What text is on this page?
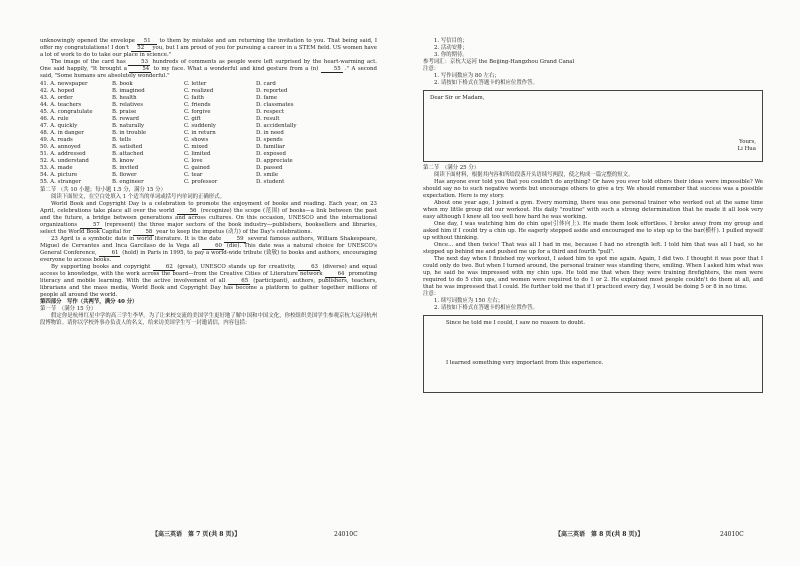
unknowingly opened the envelope 51 to them by mistake and am returning the invitation to you. That being said, I offer my congratulations! I don't 52 you, but I am proud of you for pursuing a career in a STEM field. US women have a lot of work to do to take our place in science."

The image of the card has	53 hundreds of comments as people were left surprised by the heart-warming act. One said happily, "It brought a	54 to my face. What a wonderful and kind gesture from a (n)	55 ." A second said, "Some humans are absolutely wonderful."

41. A. newspaper	B. book	C. letter	D. card
42. A. hoped	B. imagined	C. realized	D. reported
43. A. order	B. health	C. faith	D. fame
44. A. teachers	B. relatives	C. friends	D. classmates
45. A. congratulate	B. praise	C. forgive	D. respect
46. A. rule	B. reward	C. gift	D. result
47. A. quickly	B. naturally	C. suddenly	D. accidentally
48. A. in danger	B. in trouble	C. in return	D. in need
49. A. reads	B. tells	C. shows	D. spends
50. A. annoyed	B. satisfied	C. mixed	D. familiar
51. A. addressed	B. attached	C. limited	D. exposed
52. A. understand	B. know	C. love	D. appreciate
53. A. made	B. invited	C. gained	D. passed
54. A. picture	B. flower	C. tear	D. smile
55. A. stranger	B. engineer	C. professor	D. student

第二节 （共 10 小题；每小题 1.5 分，满分 15 分）

阅读下面短文，在空白处填入 1 个适当的单词或括号内单词的正确形式。

World Book and Copyright Day is a celebration to promote the enjoyment of books and reading. Each year, on 23 April, celebrations take place all over the world	56 (recognize) the scope (范围) of books—a link between the past and the future, a bridge between generations and across cultures. On this occasion, UNESCO and the international organizations	57 (represent) the three major sectors of the book industry—publishers, booksellers and libraries, select the World Book Capital for	58 year to keep the impetus (动力) of the Day's celebrations.

23 April is a symbolic date in world literature. It is the date	59 several famous authors, William Shakespeare, Miguel de Cervantes and Inca Garcilaso de la Vega all	60 (die). This date was a natural choice for UNESCO's General Conference,	61 (hold) in Paris in 1995, to pay a world-wide tribute (致敬) to books and authors, encouraging everyone to access books.

By supporting books and copyright	62 (great), UNESCO stands up for creativity,	63 (diverse) and equal access to knowledge, with the work across the board—from the Creative Cities of Literature network	64 promoting literacy and mobile learning. With the active involvement of all	65 (participant), authors, publishers, teachers, librarians and the mass media, World Book and Copyright Day has become a platform to gather together millions of people all around the world.

第四部分　写作（共两节，满分 40 分）

第一节　（满分 15 分）

假定你是杭州红星中学的高三学生李华。为了让来校交流的美国学生更好地了解中国和中国文化，你校组织美国学生参观京杭大运河杭州段博物馆。请你以学校外事办负责人的名义，给来访美国学生写一封邀请信，内容包括：

【高三英语　第 7 页(共 8 页)】	24010C

1. 写信目的；

2. 活动安排；

3. 你的期待。

参考词汇：京杭大运河 the Beijing-Hangzhou Grand Canal

注意：

1. 写作词数应为 80 左右；

2. 请按如下格式在答题卡的相应位置作答。

Dear Sir or Madam,
Yours,
Li Hua

第二节　（满分 25 分）

阅读下面材料，根据其内容和所给段落开头语续写两段，使之构成一篇完整的短文。

Has anyone ever told you that you couldn't do anything? Or have you ever told others their ideas were impossible? We should say no to such negative words but encourage others to give a try. We should remember that success was a possible expectation. Here is my story.

About one year ago, I joined a gym. Every morning, there was one personal trainer who worked out at the same time when my little group did our workout. His daily "routine" with such a strong determination that he made it all look very easy although I knew all too well how hard he was working.

One day, I was watching him do chin ups(引体向上). He made them look effortless. I broke away from my group and asked him if I could try a chin up. He eagerly stepped aside and encouraged me to step up to the bar(横杆). I pulled myself up without thinking.

Once... and then twice! That was all I had in me, because I had no strength left. I told him that was all I had, so he stepped up behind me and pushed me up for a third and fourth "pull".

The next day when I finished my workout, I asked him to spot me again. Again, I did two. I thought it was poor that I could only do two. But when I turned around, the personal trainer was standing there, smiling. When I asked him what was up, he said he was impressed with my chin ups. He told me that when they were training firefighters, the men were required to do 5 chin ups, and women were required to do 1 or 2. He explained most people couldn't do them at all, and that he was impressed that I could. He further told me that if I practiced every day, I would be doing 5 or 8 in no time.

注意：

1. 续写词数应为 150 左右；

2. 请按如下格式在答题卡的相应位置作答。

Since he told me I could, I saw no reason to doubt.
I learned something very important from this experience.
【高三英语　第 8 页(共 8 页)】	24010C
